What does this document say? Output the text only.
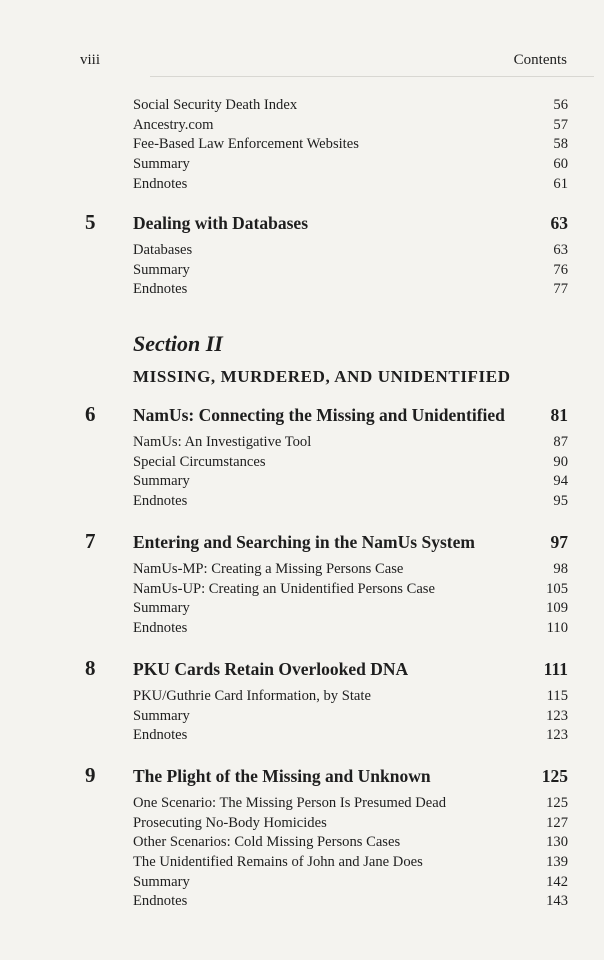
viii	Contents
Social Security Death Index	56
Ancestry.com	57
Fee-Based Law Enforcement Websites	58
Summary	60
Endnotes	61
Section II
MISSING, MURDERED, AND UNIDENTIFIED
5	Dealing with Databases	63
Databases	63
Summary	76
Endnotes	77
6	NamUs: Connecting the Missing and Unidentified	81
NamUs: An Investigative Tool	87
Special Circumstances	90
Summary	94
Endnotes	95
7	Entering and Searching in the NamUs System	97
NamUs-MP: Creating a Missing Persons Case	98
NamUs-UP: Creating an Unidentified Persons Case	105
Summary	109
Endnotes	110
8	PKU Cards Retain Overlooked DNA	111
PKU/Guthrie Card Information, by State	115
Summary	123
Endnotes	123
9	The Plight of the Missing and Unknown	125
One Scenario: The Missing Person Is Presumed Dead	125
Prosecuting No-Body Homicides	127
Other Scenarios: Cold Missing Persons Cases	130
The Unidentified Remains of John and Jane Does	139
Summary	142
Endnotes	143
